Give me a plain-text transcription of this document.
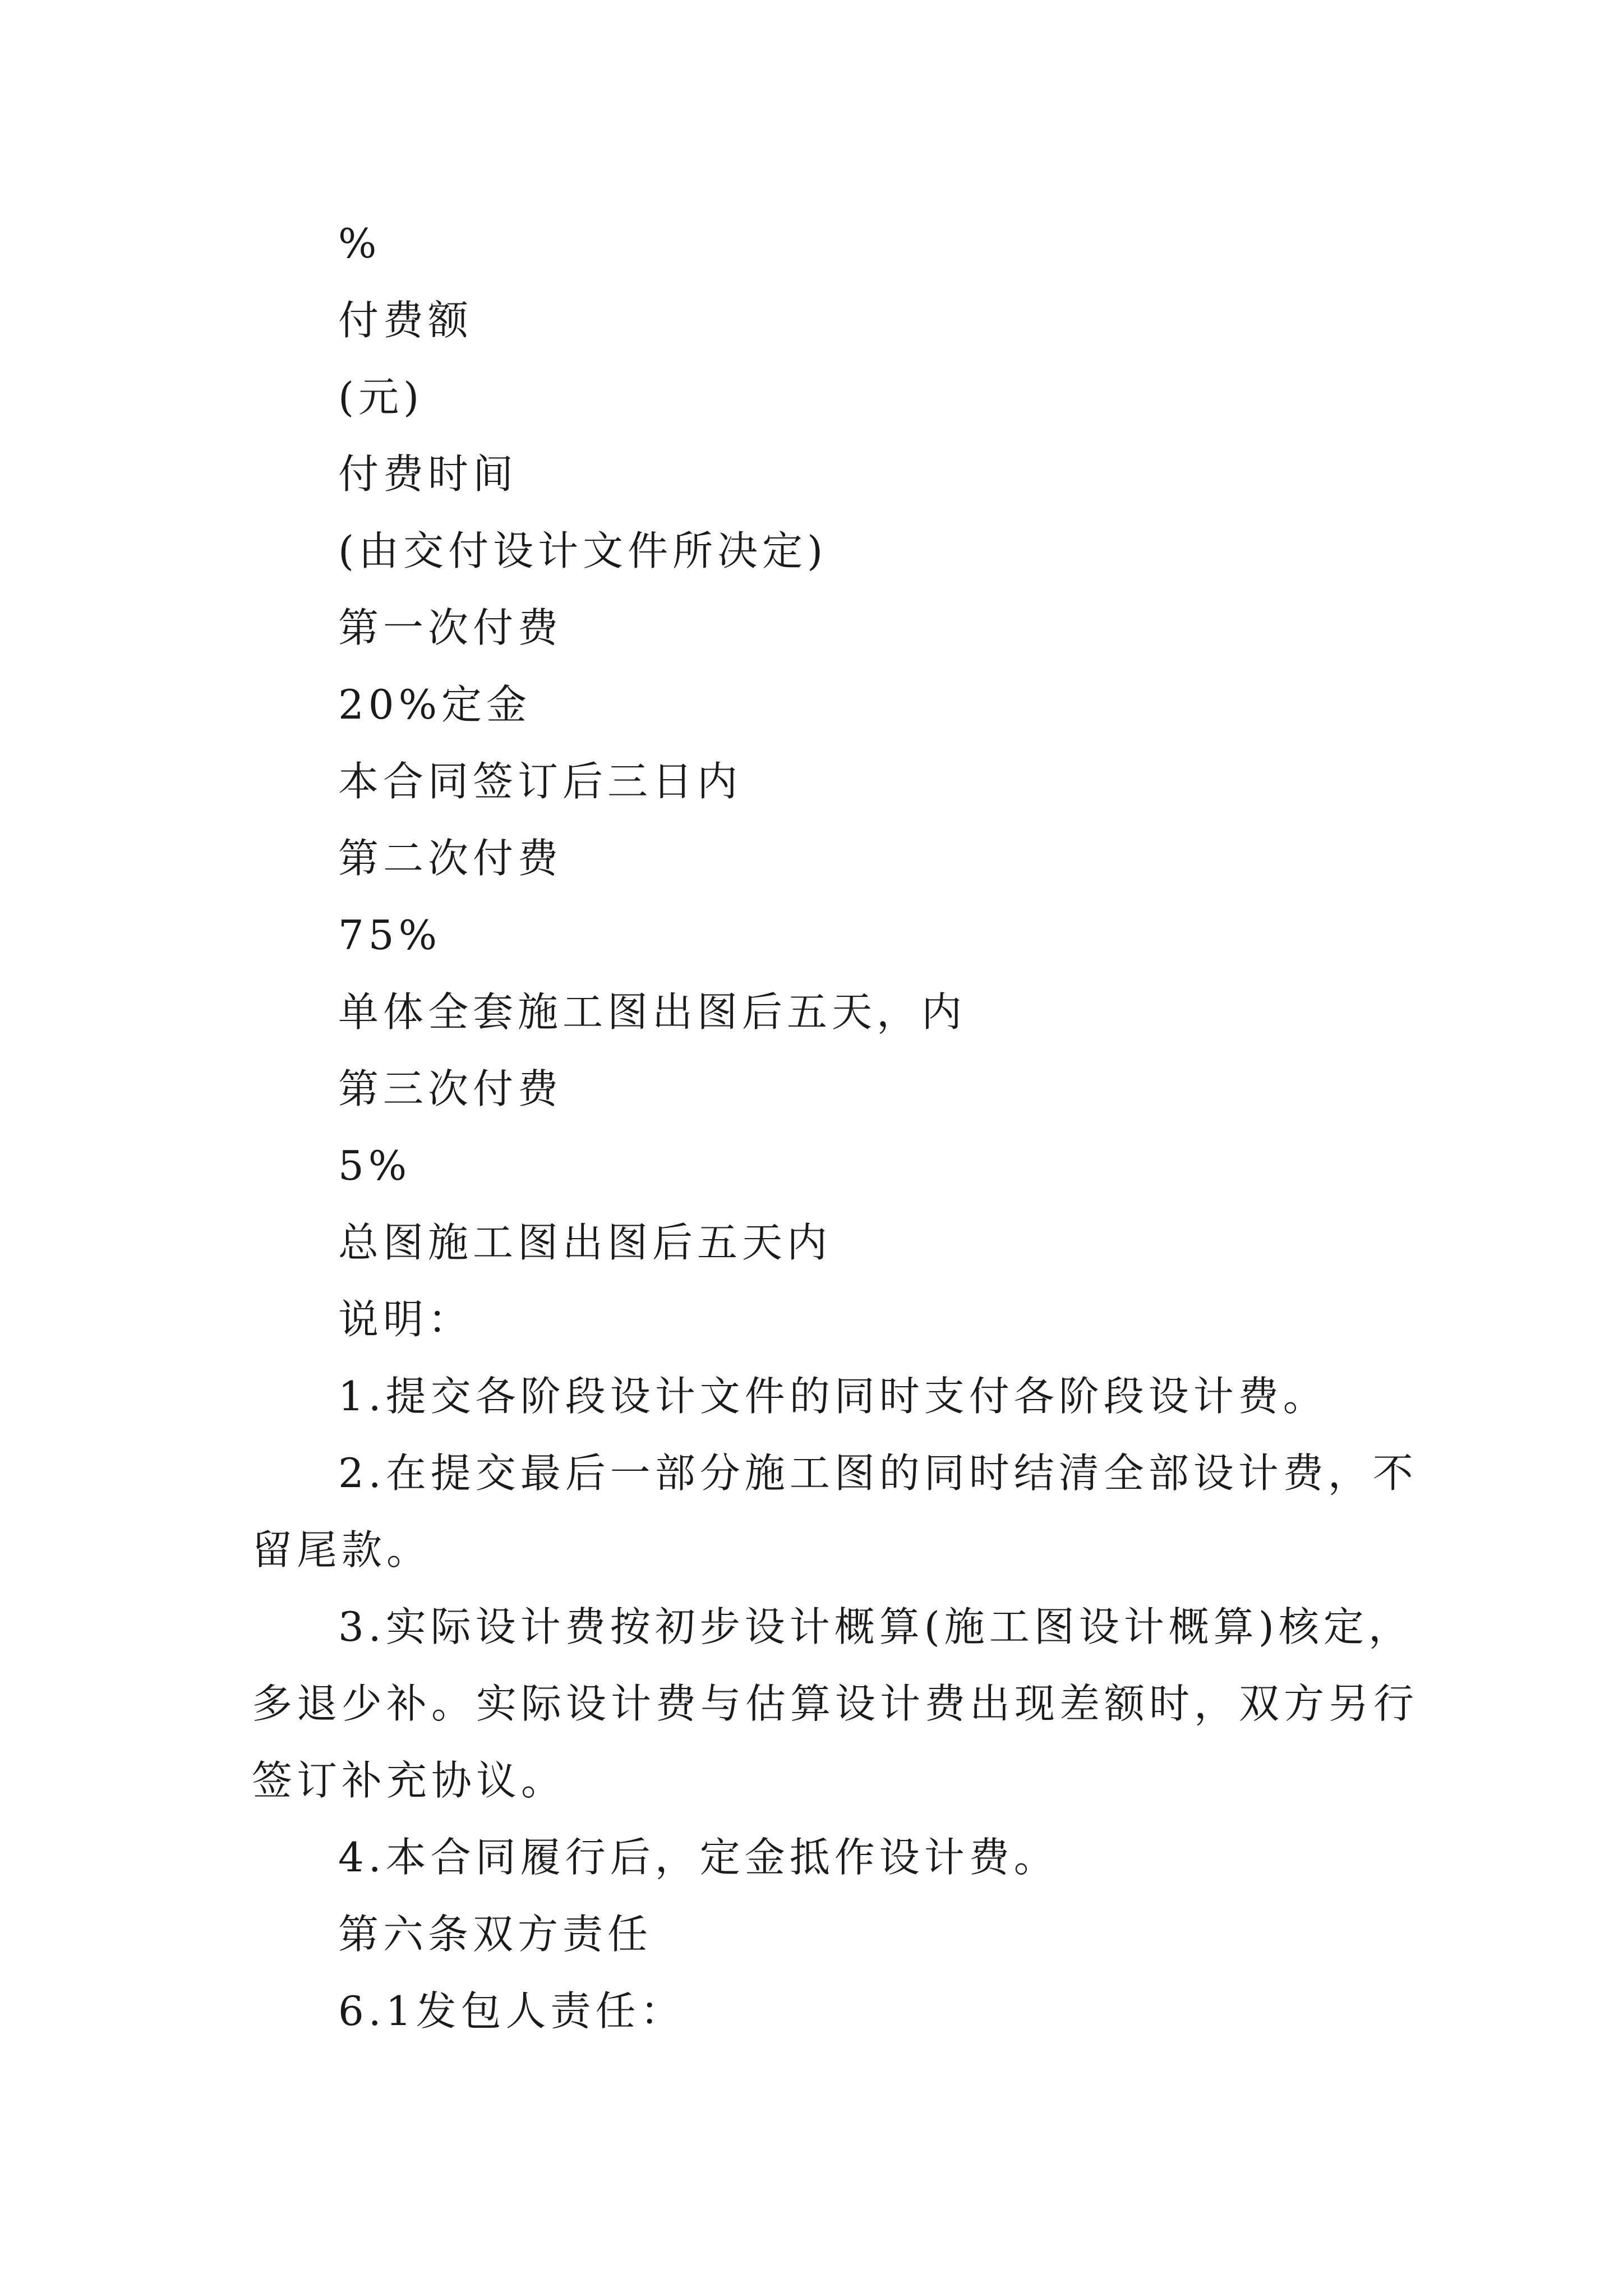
%
付费额
(元)
付费时间
(由交付设计文件所决定)
第一次付费
20%定金
本合同签订后三日内
第二次付费
75%
单体全套施工图出图后五天，内
第三次付费
5%
总图施工图出图后五天内
说明：
1.提交各阶段设计文件的同时支付各阶段设计费。
2.在提交最后一部分施工图的同时结清全部设计费，不
留尾款。
3.实际设计费按初步设计概算(施工图设计概算)核定，
多退少补。实际设计费与估算设计费出现差额时，双方另行
签订补充协议。
4.本合同履行后，定金抵作设计费。
第六条双方责任
6.1发包人责任：
